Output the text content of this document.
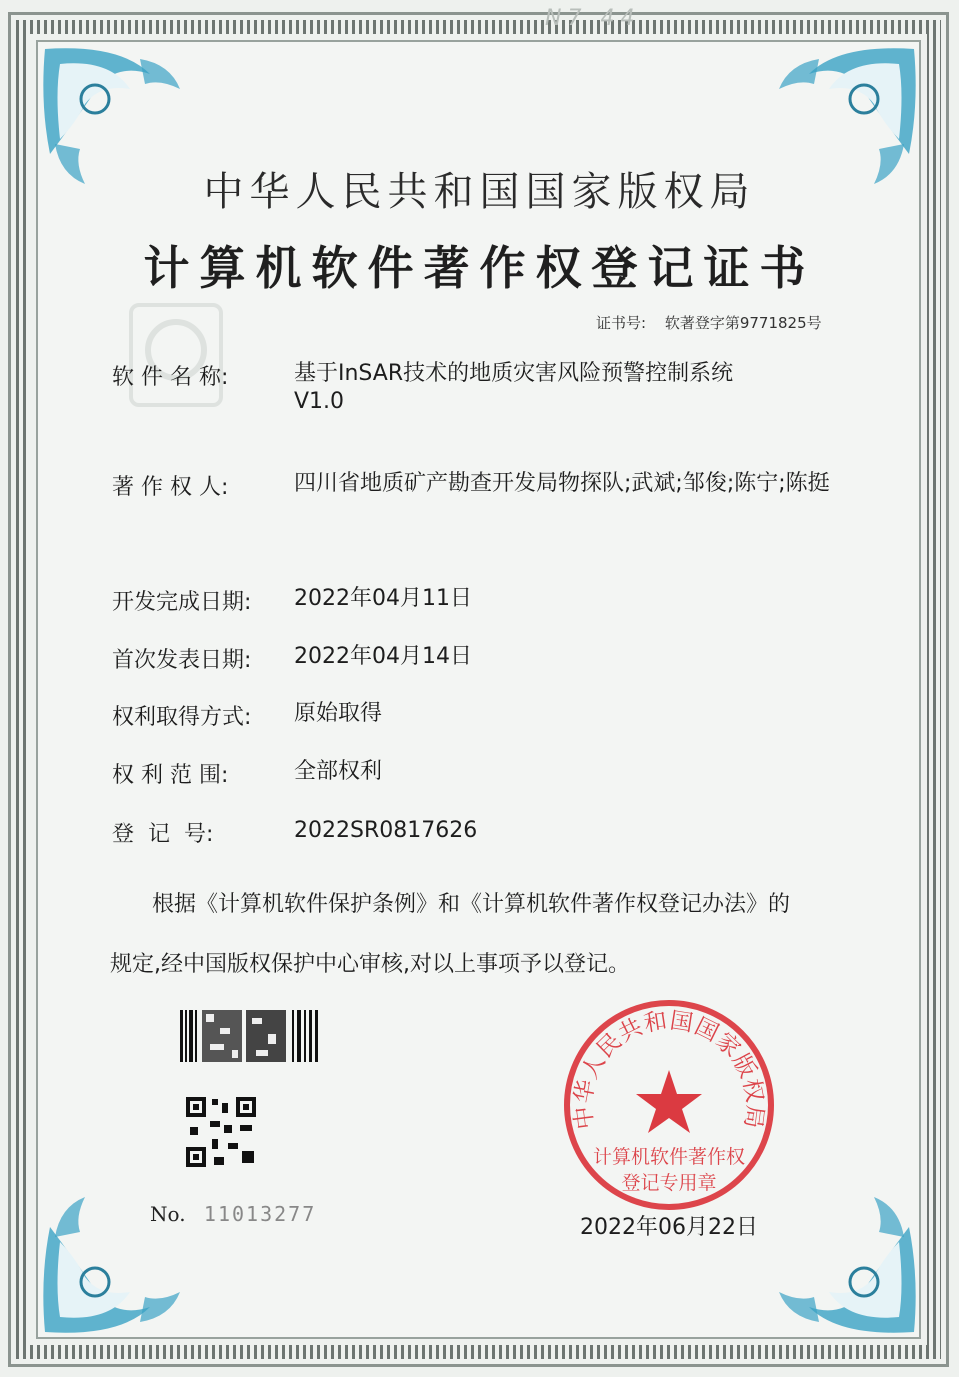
N7 44
中华人民共和国国家版权局
计算机软件著作权登记证书
证书号: 软著登字第9771825号
软 件 名 称:	基于InSAR技术的地质灾害风险预警控制系统V1.0
著 作 权 人:	四川省地质矿产勘查开发局物探队;武斌;邹俊;陈宁;陈挺
开发完成日期:	2022年04月11日
首次发表日期:	2022年04月14日
权利取得方式:	原始取得
权 利 范 围:	全部权利
登  记  号:	2022SR0817626
根据《计算机软件保护条例》和《计算机软件著作权登记办法》的
规定,经中国版权保护中心审核,对以上事项予以登记。
No. 11013277
中华人民共和国国家版权局
计算机软件著作权
登记专用章
2022年06月22日
